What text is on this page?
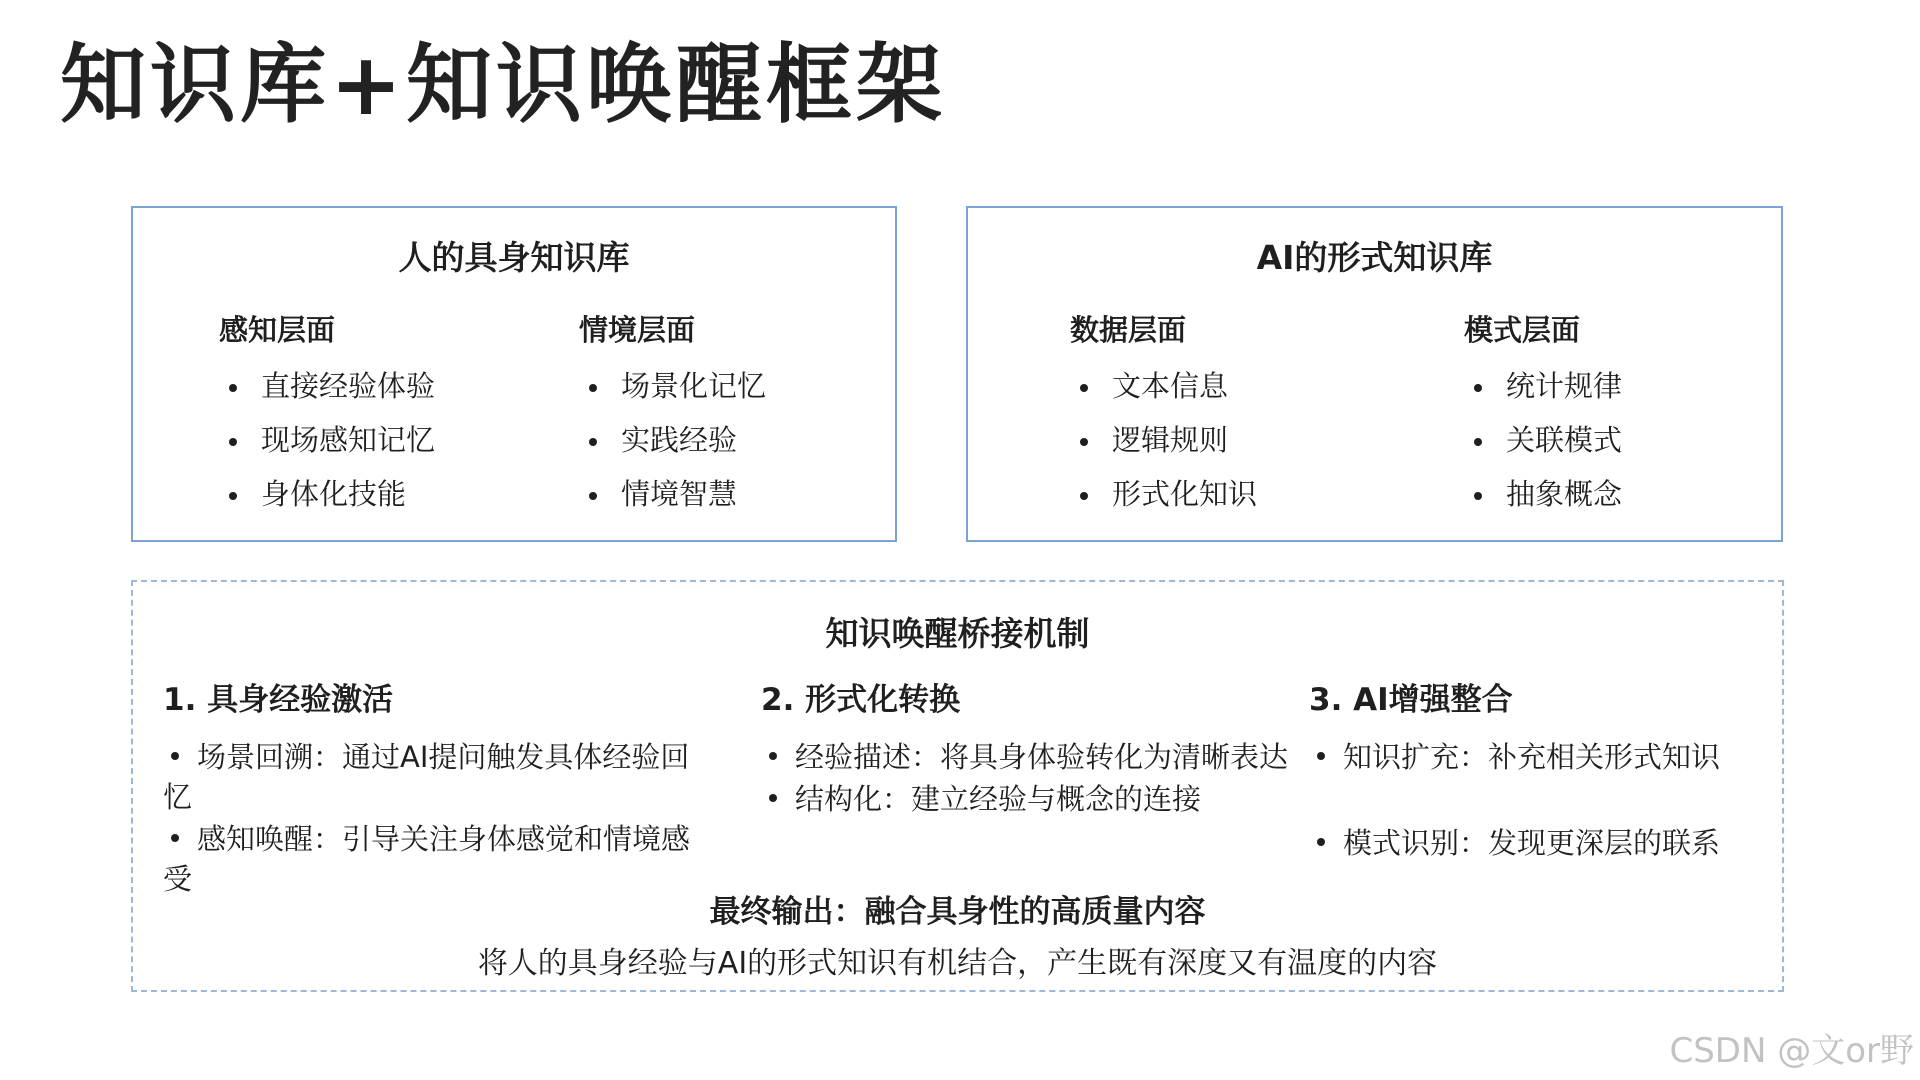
知识库+知识唤醒框架
人的具身知识库
感知层面
直接经验体验
现场感知记忆
身体化技能
情境层面
场景化记忆
实践经验
情境智慧
AI的形式知识库
数据层面
文本信息
逻辑规则
形式化知识
模式层面
统计规律
关联模式
抽象概念
知识唤醒桥接机制
1. 具身经验激活
场景回溯：通过AI提问触发具体经验回忆
感知唤醒：引导关注身体感觉和情境感受
2. 形式化转换
经验描述：将具身体验转化为清晰表达
结构化：建立经验与概念的连接
3. AI增强整合
知识扩充：补充相关形式知识
模式识别：发现更深层的联系
最终输出：融合具身性的高质量内容
将人的具身经验与AI的形式知识有机结合，产生既有深度又有温度的内容
CSDN @文or野
